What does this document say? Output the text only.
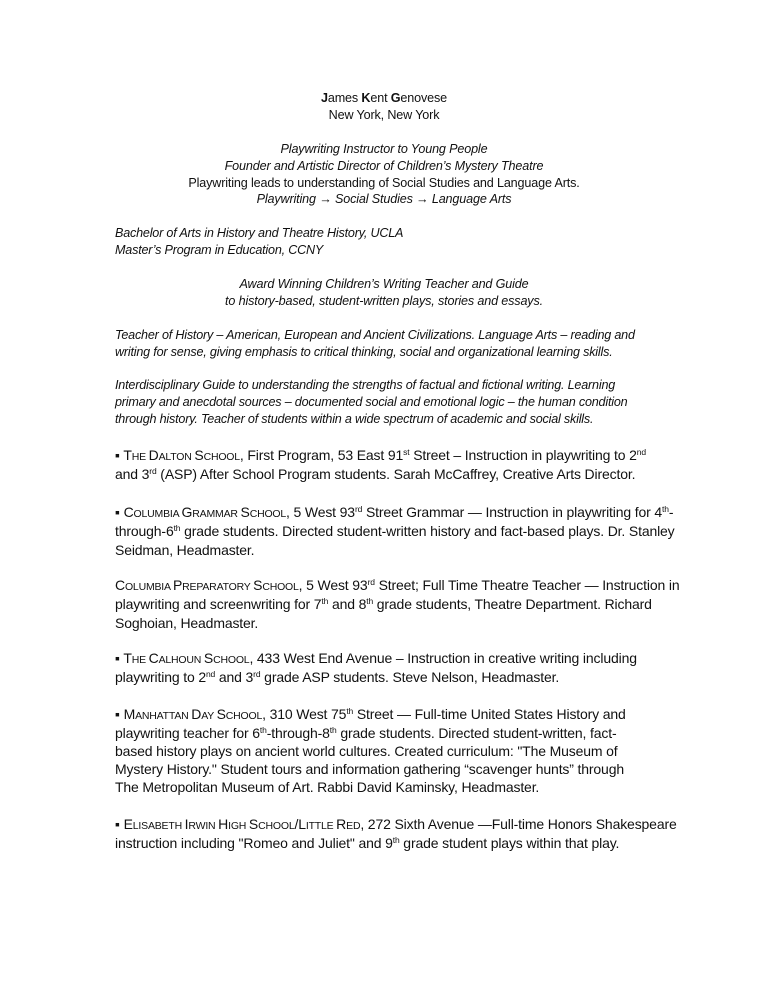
James Kent Genovese
New York, New York
Playwriting Instructor to Young People
Founder and Artistic Director of Children’s Mystery Theatre
Playwriting leads to understanding of Social Studies and Language Arts.
Playwriting → Social Studies → Language Arts
Bachelor of Arts in History and Theatre History, UCLA
Master’s Program in Education, CCNY
Award Winning Children’s Writing Teacher and Guide
to history-based, student-written plays, stories and essays.
Teacher of History – American, European and Ancient Civilizations. Language Arts – reading and
writing for sense, giving emphasis to critical thinking, social and organizational learning skills.
Interdisciplinary Guide to understanding the strengths of factual and fictional writing. Learning
primary and anecdotal sources – documented social and emotional logic – the human condition
through history. Teacher of students within a wide spectrum of academic and social skills.
▪ THE DALTON SCHOOL, First Program, 53 East 91st Street – Instruction in playwriting to 2nd
and 3rd (ASP) After School Program students. Sarah McCaffrey, Creative Arts Director.
▪ COLUMBIA GRAMMAR SCHOOL, 5 West 93rd Street Grammar — Instruction in playwriting for 4th-
through-6th grade students. Directed student-written history and fact-based plays. Dr. Stanley
Seidman, Headmaster.
COLUMBIA PREPARATORY SCHOOL, 5 West 93rd Street; Full Time Theatre Teacher — Instruction in
playwriting and screenwriting for 7th and 8th grade students, Theatre Department. Richard
Soghoian, Headmaster.
▪ THE CALHOUN SCHOOL, 433 West End Avenue – Instruction in creative writing including
playwriting to 2nd and 3rd grade ASP students. Steve Nelson, Headmaster.
▪ MANHATTAN DAY SCHOOL, 310 West 75th Street — Full-time United States History and
playwriting teacher for 6th-through-8th grade students. Directed student-written, fact-
based history plays on ancient world cultures. Created curriculum: "The Museum of
Mystery History." Student tours and information gathering “scavenger hunts” through
The Metropolitan Museum of Art. Rabbi David Kaminsky, Headmaster.
▪ ELISABETH IRWIN HIGH SCHOOL/LITTLE RED, 272 Sixth Avenue —Full-time Honors Shakespeare
instruction including "Romeo and Juliet" and 9th grade student plays within that play.
